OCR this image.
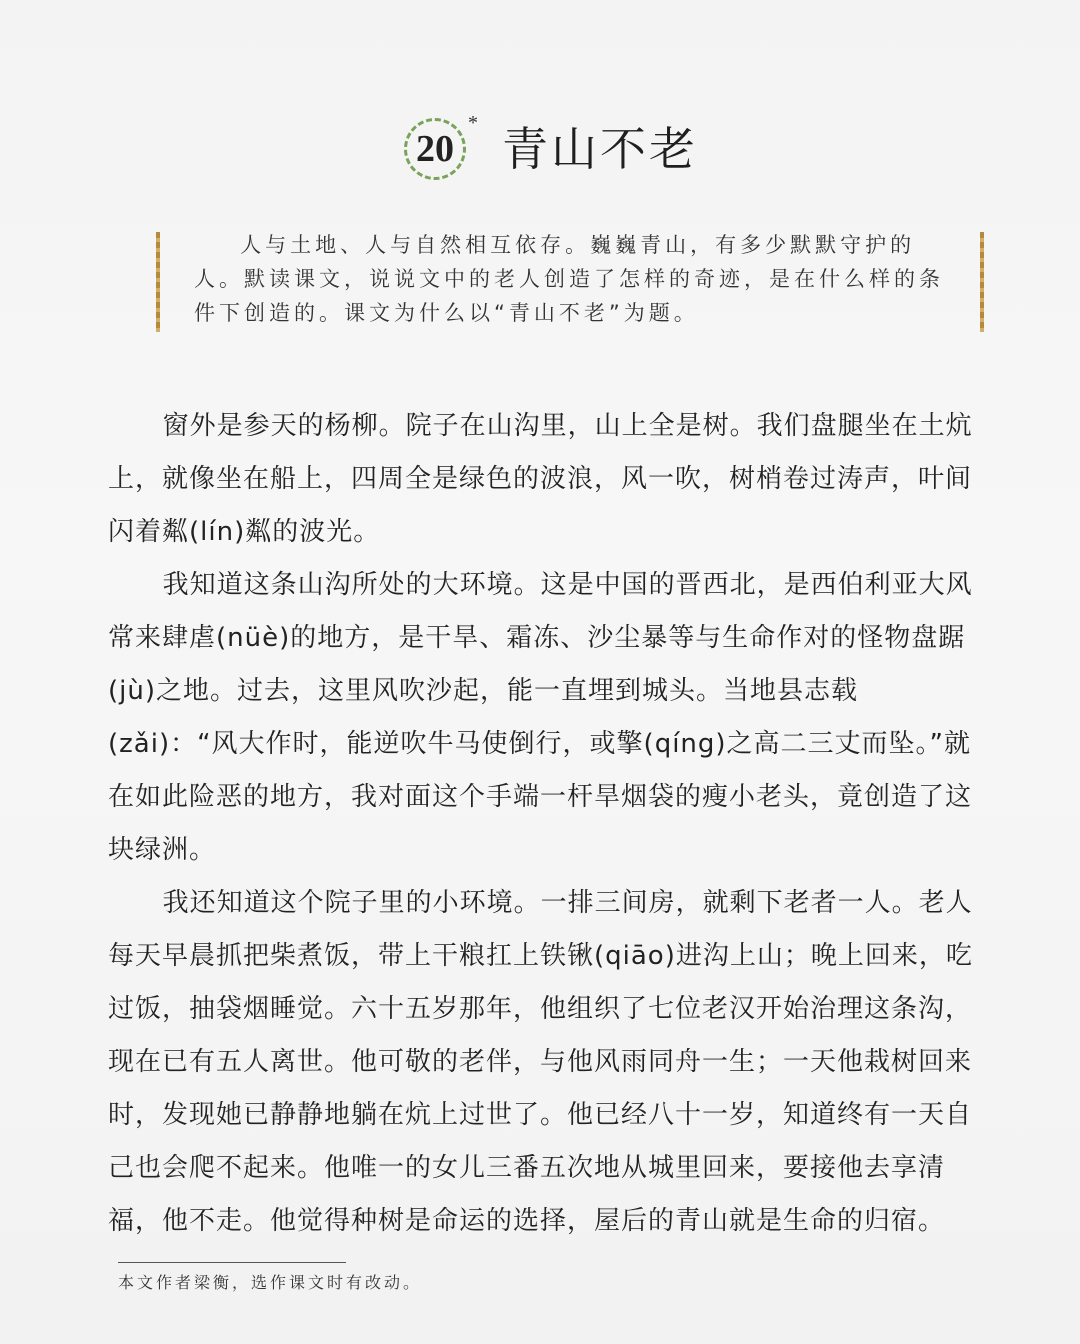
20
* 青山不老
人与土地、人与自然相互依存。巍巍青山，有多少默默守护的人。默读课文，说说文中的老人创造了怎样的奇迹，是在什么样的条件下创造的。课文为什么以“青山不老”为题。

窗外是参天的杨柳。院子在山沟里，山上全是树。我们盘腿坐在土炕上，就像坐在船上，四周全是绿色的波浪，风一吹，树梢卷过涛声，叶间闪着粼(lín)粼的波光。

我知道这条山沟所处的大环境。这是中国的晋西北，是西伯利亚大风常来肆虐(nüè)的地方，是干旱、霜冻、沙尘暴等与生命作对的怪物盘踞(jù)之地。过去，这里风吹沙起，能一直埋到城头。当地县志载(zǎi)：“风大作时，能逆吹牛马使倒行，或擎(qíng)之高二三丈而坠。”就在如此险恶的地方，我对面这个手端一杆旱烟袋的瘦小老头，竟创造了这块绿洲。

我还知道这个院子里的小环境。一排三间房，就剩下老者一人。老人每天早晨抓把柴煮饭，带上干粮扛上铁锹(qiāo)进沟上山；晚上回来，吃过饭，抽袋烟睡觉。六十五岁那年，他组织了七位老汉开始治理这条沟，现在已有五人离世。他可敬的老伴，与他风雨同舟一生；一天他栽树回来时，发现她已静静地躺在炕上过世了。他已经八十一岁，知道终有一天自己也会爬不起来。他唯一的女儿三番五次地从城里回来，要接他去享清福，他不走。他觉得种树是命运的选择，屋后的青山就是生命的归宿。

本文作者梁衡，选作课文时有改动。
